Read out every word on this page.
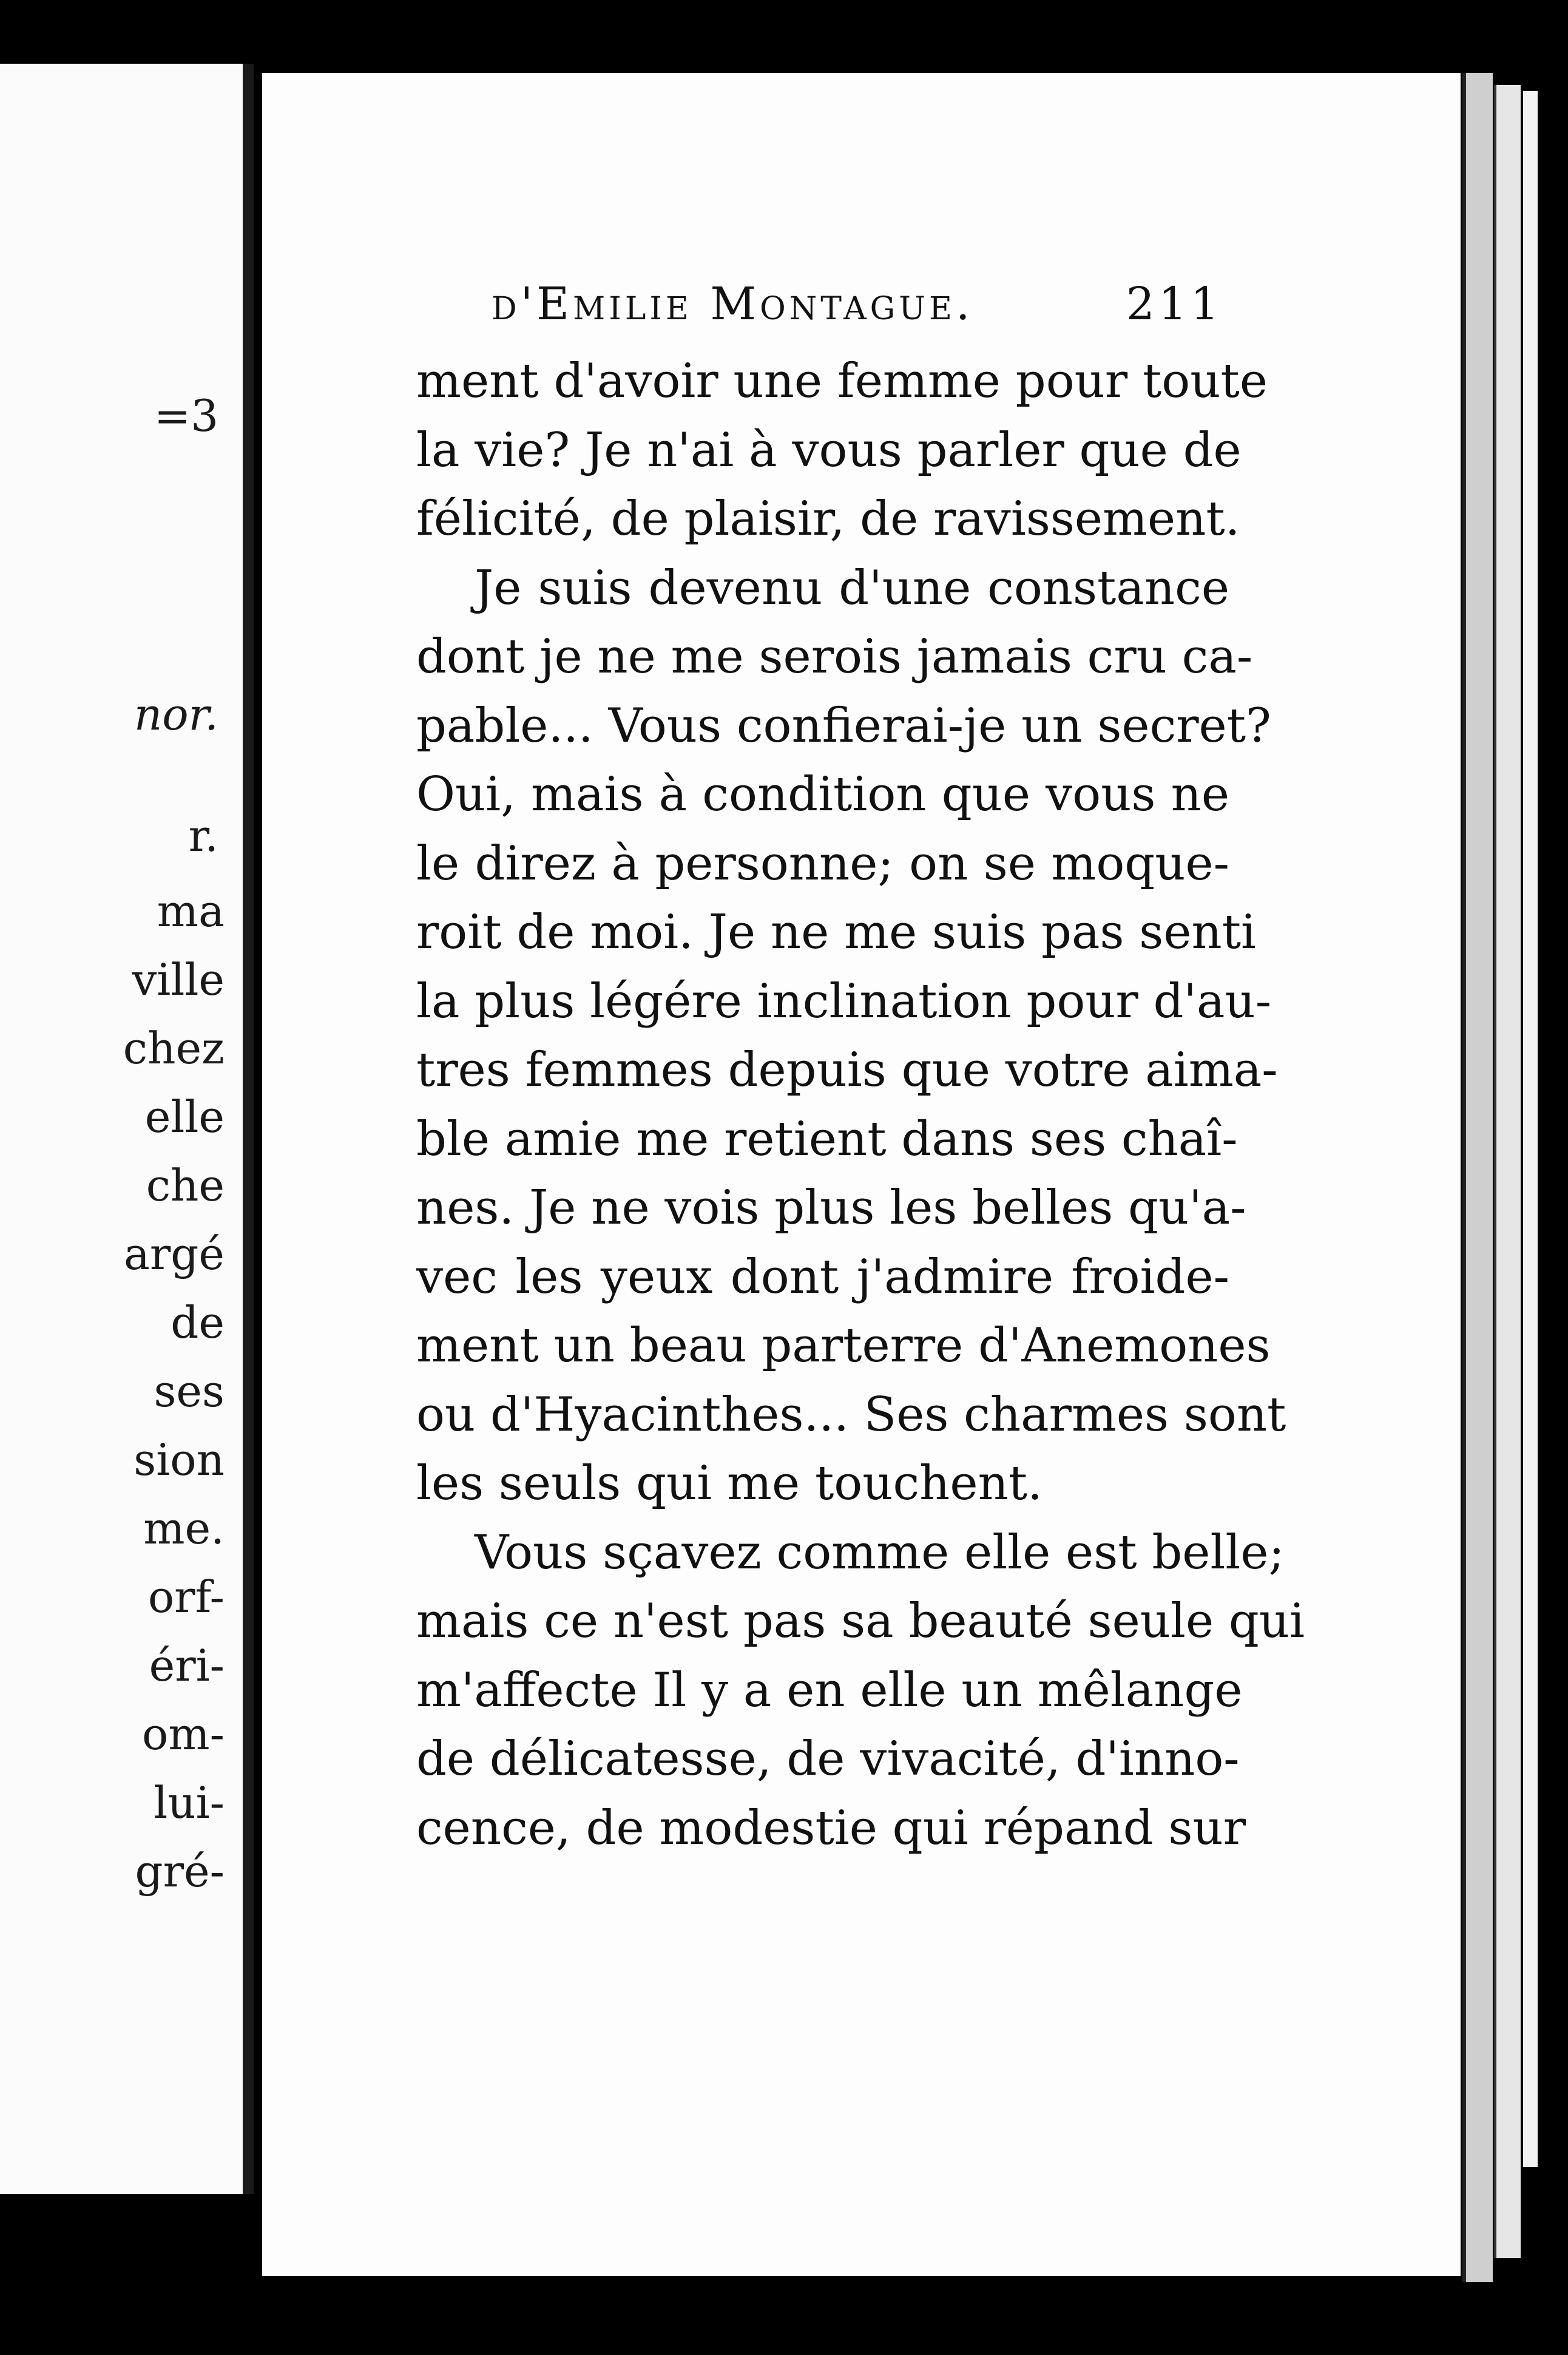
=3
nor.
r.
ma
ville
chez
elle
che
argé
de
ses
sion
me.
orf-
éri-
om-
lui-
gré-
d'Emilie Montague.	211
ment d'avoir une femme pour toute
la vie? Je n'ai à vous parler que de
félicité, de plaisir, de ravissement.
Je suis devenu d'une constance
dont je ne me serois jamais cru ca-
pable... Vous confierai-je un secret?
Oui, mais à condition que vous ne
le direz à personne; on se moque-
roit de moi. Je ne me suis pas senti
la plus légére inclination pour d'au-
tres femmes depuis que votre aima-
ble amie me retient dans ses chaî-
nes. Je ne vois plus les belles qu'a-
vec les yeux dont j'admire froide-
ment un beau parterre d'Anemones
ou d'Hyacinthes... Ses charmes sont
les seuls qui me touchent.
Vous sçavez comme elle est belle;
mais ce n'est pas sa beauté seule qui
m'affecte Il y a en elle un mêlange
de délicatesse, de vivacité, d'inno-
cence, de modestie qui répand sur
